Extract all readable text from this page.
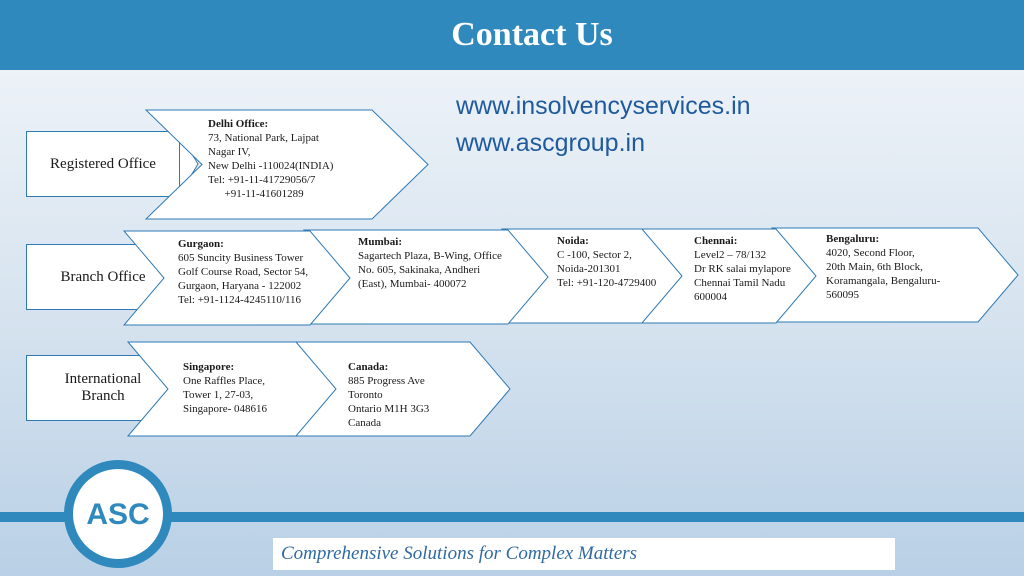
Contact Us
www.insolvencyservices.in
www.ascgroup.in
Registered Office
Delhi Office:
73, National Park, Lajpat
Nagar IV,
New Delhi -110024(INDIA)
Tel: +91-11-41729056/7
+91-11-41601289
Branch Office
Bengaluru:
4020, Second Floor,
20th Main, 6th Block,
Koramangala, Bengaluru-
560095
Chennai:
Level2 – 78/132
Dr RK salai mylapore
Chennai Tamil Nadu
600004
Noida:
C -100, Sector 2,
Noida-201301
Tel: +91-120-4729400
Mumbai:
Sagartech Plaza, B-Wing, Office
No. 605, Sakinaka, Andheri
(East), Mumbai- 400072
Gurgaon:
605 Suncity Business Tower
Golf Course Road, Sector 54,
Gurgaon, Haryana - 122002
Tel: +91-1124-4245110/116
International
Branch
Canada:
885 Progress Ave
Toronto
Ontario M1H 3G3
Canada
Singapore:
One Raffles Place,
Tower 1, 27-03,
Singapore- 048616
ASC
Comprehensive Solutions for Complex Matters
